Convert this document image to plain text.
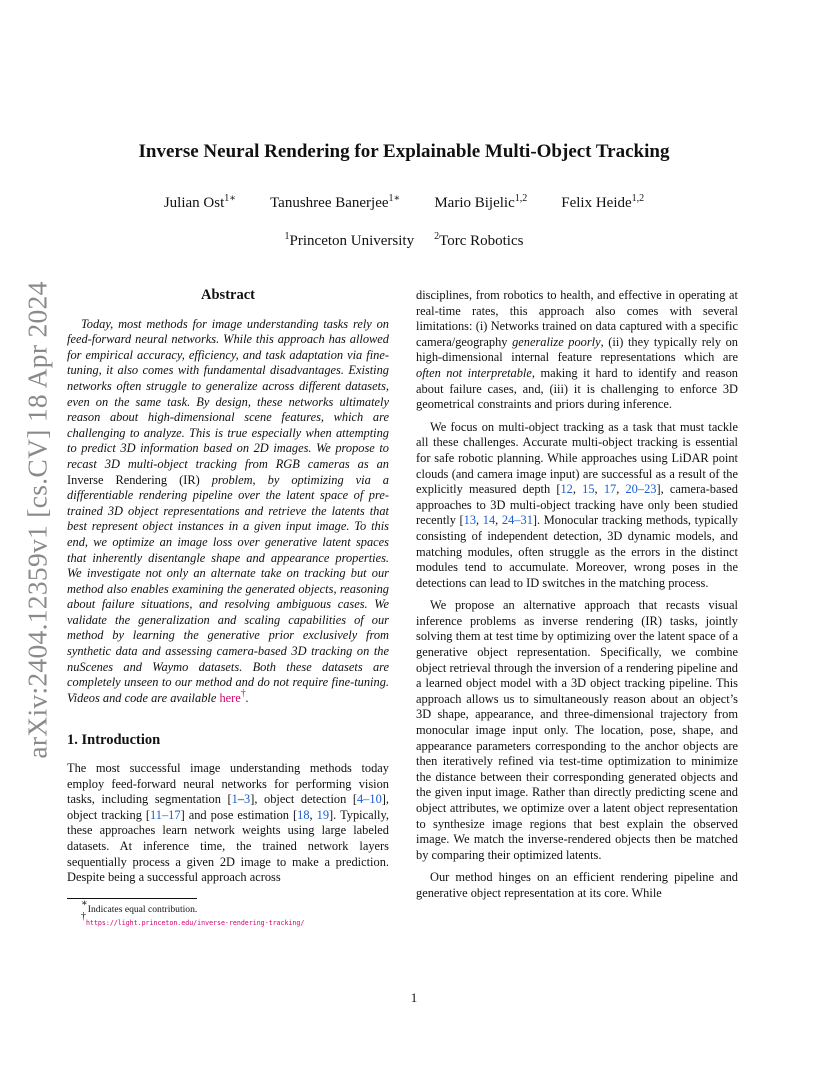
arXiv:2404.12359v1 [cs.CV] 18 Apr 2024
Inverse Neural Rendering for Explainable Multi-Object Tracking
Julian Ost$^{1∗}$ Tanushree Banerjee$^{1∗}$ Mario Bijelic$^{1,2}$ Felix Heide$^{1,2}$
$^1$Princeton University $^2$Torc Robotics
Abstract

Today, most methods for image understanding tasks rely on feed-forward neural networks. While this approach has allowed for empirical accuracy, efficiency, and task adaptation via fine-tuning, it also comes with fundamental disadvantages. Existing networks often struggle to generalize across different datasets, even on the same task. By design, these networks ultimately reason about high-dimensional scene features, which are challenging to analyze. This is true especially when attempting to predict 3D information based on 2D images. We propose to recast 3D multi-object tracking from RGB cameras as an Inverse Rendering (IR) problem, by optimizing via a differentiable rendering pipeline over the latent space of pre-trained 3D object representations and retrieve the latents that best represent object instances in a given input image. To this end, we optimize an image loss over generative latent spaces that inherently disentangle shape and appearance properties. We investigate not only an alternate take on tracking but our method also enables examining the generated objects, reasoning about failure situations, and resolving ambiguous cases. We validate the generalization and scaling capabilities of our method by learning the generative prior exclusively from synthetic data and assessing camera-based 3D tracking on the nuScenes and Waymo datasets. Both these datasets are completely unseen to our method and do not require fine-tuning. Videos and code are available here†.

1. Introduction

The most successful image understanding methods today employ feed-forward neural networks for performing vision tasks, including segmentation [1–3], object detection [4–10], object tracking [11–17] and pose estimation [18, 19]. Typically, these approaches learn network weights using large labeled datasets. At inference time, the trained network layers sequentially process a given 2D image to make a prediction. Despite being a successful approach across

∗Indicates equal contribution.

†https://light.princeton.edu/inverse-rendering-tracking/

disciplines, from robotics to health, and effective in operating at real-time rates, this approach also comes with several limitations: (i) Networks trained on data captured with a specific camera/geography generalize poorly, (ii) they typically rely on high-dimensional internal feature representations which are often not interpretable, making it hard to identify and reason about failure cases, and, (iii) it is challenging to enforce 3D geometrical constraints and priors during inference.

We focus on multi-object tracking as a task that must tackle all these challenges. Accurate multi-object tracking is essential for safe robotic planning. While approaches using LiDAR point clouds (and camera image input) are successful as a result of the explicitly measured depth [12, 15, 17, 20–23], camera-based approaches to 3D multi-object tracking have only been studied recently [13, 14, 24–31]. Monocular tracking methods, typically consisting of independent detection, 3D dynamic models, and matching modules, often struggle as the errors in the distinct modules tend to accumulate. Moreover, wrong poses in the detections can lead to ID switches in the matching process.

We propose an alternative approach that recasts visual inference problems as inverse rendering (IR) tasks, jointly solving them at test time by optimizing over the latent space of a generative object representation. Specifically, we combine object retrieval through the inversion of a rendering pipeline and a learned object model with a 3D object tracking pipeline. This approach allows us to simultaneously reason about an object’s 3D shape, appearance, and three-dimensional trajectory from monocular image input only. The location, pose, shape, and appearance parameters corresponding to the anchor objects are then iteratively refined via test-time optimization to minimize the distance between their corresponding generated objects and the given input image. Rather than directly predicting scene and object attributes, we optimize over a latent object representation to synthesize image regions that best explain the observed image. We match the inverse-rendered objects then be matched by comparing their optimized latents.

Our method hinges on an efficient rendering pipeline and generative object representation at its core. While

1
